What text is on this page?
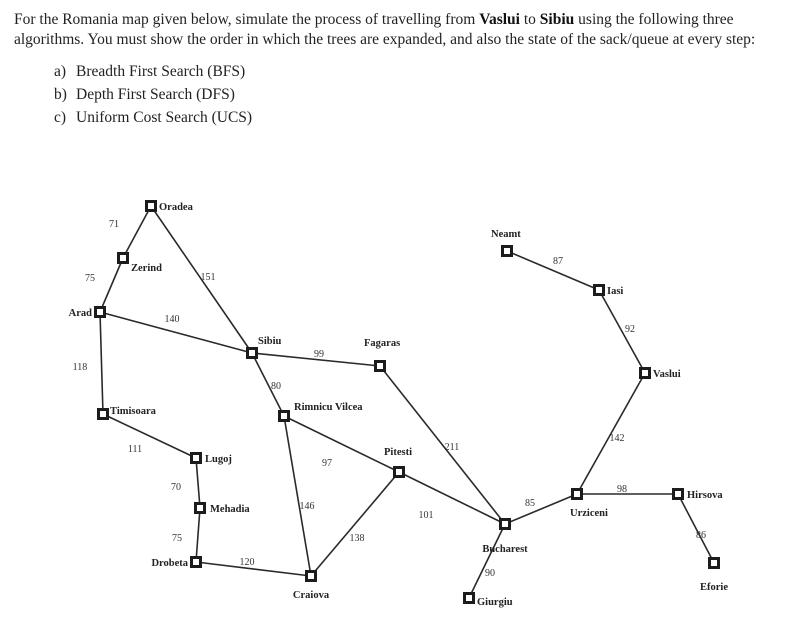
For the Romania map given below, simulate the process of travelling from Vaslui to Sibiu using the following three algorithms. You must show the order in which the trees are expanded, and also the state of the sack/queue at every step:

a) Breadth First Search (BFS)
b) Depth First Search (DFS)
c) Uniform Cost Search (UCS)
71
75	151
140
118
111
70
75
120
99
80
97
146
138
211
101
90
85
98
86
142
92
87
Oradea
Zerind
Arad
Timisoara
Lugoj
Mehadia
Drobeta
Craiova
Sibiu
Rimnicu Vilcea
Fagaras
Pitesti
Bucharest
Giurgiu
Urziceni
Hirsova
Eforie
Vaslui
Iasi
Neamt
